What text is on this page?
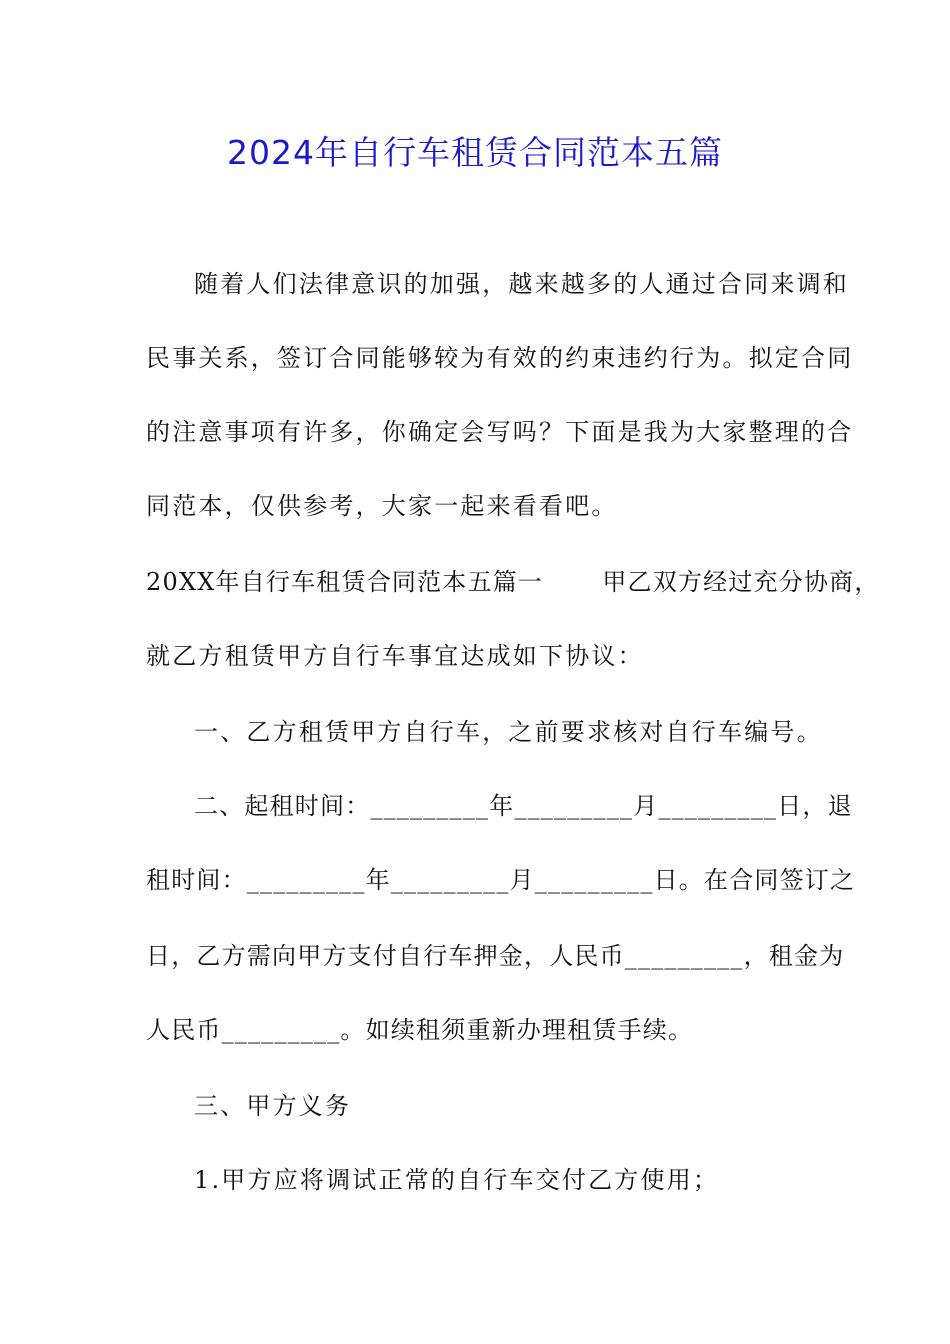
2024年自行车租赁合同范本五篇

随着人们法律意识的加强，越来越多的人通过合同来调和

民事关系，签订合同能够较为有效的约束违约行为。拟定合同

的注意事项有许多，你确定会写吗？下面是我为大家整理的合

同范本，仅供参考，大家一起来看看吧。

20XX年自行车租赁合同范本五篇一　　 甲乙双方经过充分协商，

就乙方租赁甲方自行车事宜达成如下协议：

一、乙方租赁甲方自行车，之前要求核对自行车编号。

二、起租时间：_________年_________月_________日，退

租时间：_________年_________月_________日。在合同签订之

日，乙方需向甲方支付自行车押金，人民币_________，租金为

人民币_________。如续租须重新办理租赁手续。

三、甲方义务

1.甲方应将调试正常的自行车交付乙方使用；
